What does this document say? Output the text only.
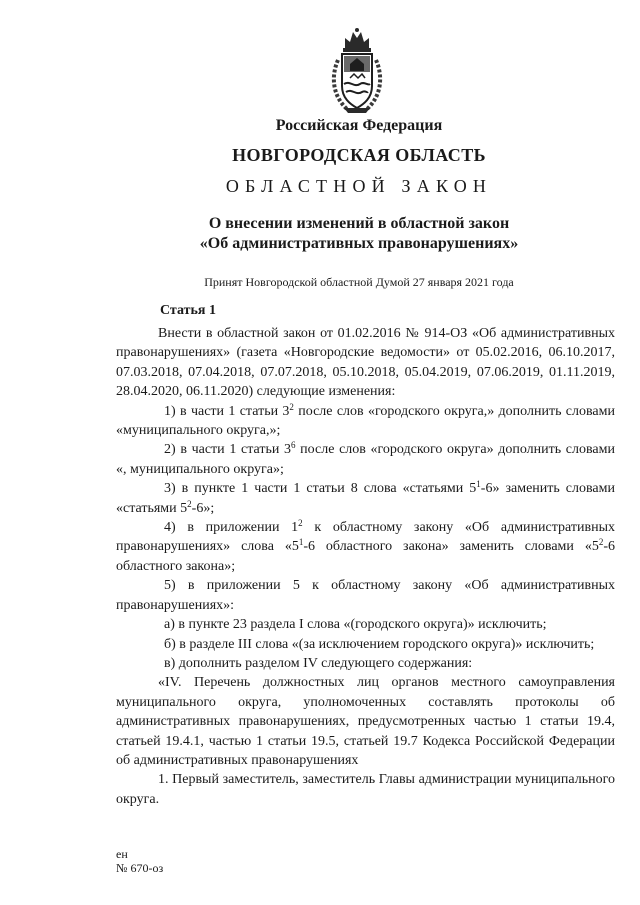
Российская Федерация
НОВГОРОДСКАЯ ОБЛАСТЬ
ОБЛАСТНОЙ ЗАКОН
О внесении изменений в областной закон
«Об административных правонарушениях»
Принят Новгородской областной Думой 27 января 2021 года
Статья 1

Внести в областной закон от 01.02.2016 № 914-ОЗ «Об административных правонарушениях» (газета «Новгородские ведомости» от 05.02.2016, 06.10.2017, 07.03.2018, 07.04.2018, 07.07.2018, 05.10.2018, 05.04.2019, 07.06.2019, 01.11.2019, 28.04.2020, 06.11.2020) следующие изменения:

1) в части 1 статьи $3^2$ после слов «городского округа,» дополнить словами «муниципального округа,»;

2) в части 1 статьи $3^6$ после слов «городского округа» дополнить словами «, муниципального округа»;

3) в пункте 1 части 1 статьи 8 слова «статьями $5^1-6$» заменить словами «статьями $5^2-6$»;

4) в приложении $1^2$ к областному закону «Об административных правонарушениях» слова «$5^1-6$ областного закона» заменить словами «$5^2-6$ областного закона»;

5) в приложении 5 к областному закону «Об административных правонарушениях»:

а) в пункте 23 раздела I слова «(городского округа)» исключить;

б) в разделе III слова «(за исключением городского округа)» исключить;

в) дополнить разделом IV следующего содержания:

«IV. Перечень должностных лиц органов местного самоуправления муниципального округа, уполномоченных составлять протоколы об административных правонарушениях, предусмотренных частью 1 статьи 19.4, статьей 19.4.1, частью 1 статьи 19.5, статьей 19.7 Кодекса Российской Федерации об административных правонарушениях

1. Первый заместитель, заместитель Главы администрации муниципального округа.

ен
№ 670-оз
